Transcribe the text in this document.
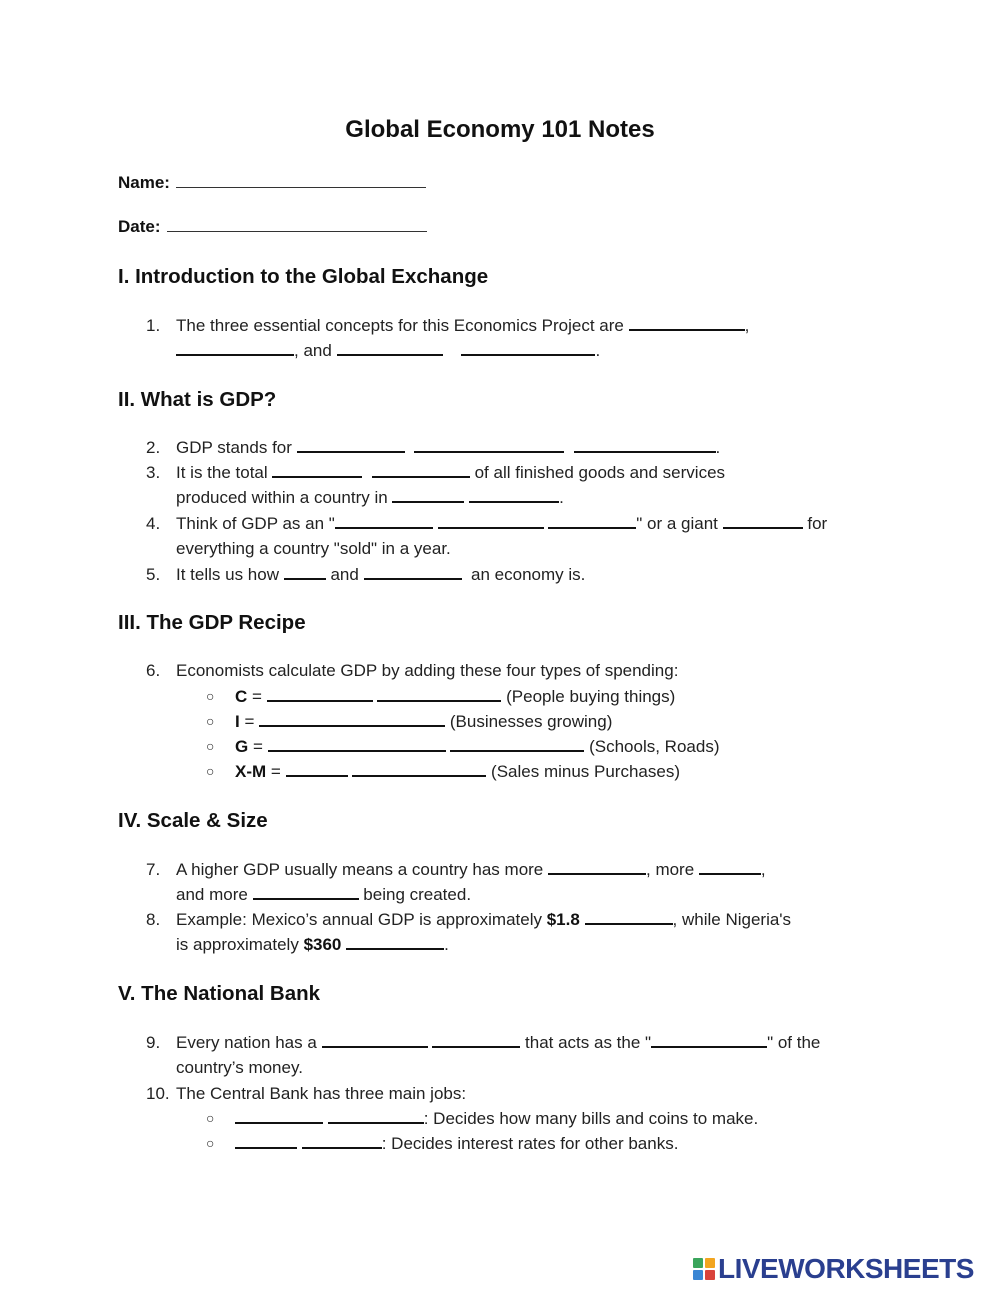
Global Economy 101 Notes
Name:
Date:
I. Introduction to the Global Exchange
1. The three essential concepts for this Economics Project are	,
, and	.
II. What is GDP?
2. GDP stands for	.
3. It is the total	of all finished goods and services
produced within a country in	.
4. Think of GDP as an "	" or a giant	for
everything a country "sold" in a year.
5. It tells us how	and	an economy is.
III. The GDP Recipe
6. Economists calculate GDP by adding these four types of spending:
○ C =	(People buying things)
○ I =	(Businesses growing)
○ G =	(Schools, Roads)
○ X-M =	(Sales minus Purchases)
IV. Scale & Size
7. A higher GDP usually means a country has more	, more	,
and more	being created.
8. Example: Mexico’s annual GDP is approximately $1.8	, while Nigeria's
is approximately $360	.
V. The National Bank
9. Every nation has a	that acts as the "	" of the
country’s money.
10. The Central Bank has three main jobs:
○	: Decides how many bills and coins to make.
○	: Decides interest rates for other banks.
LIVEWORKSHEETS
